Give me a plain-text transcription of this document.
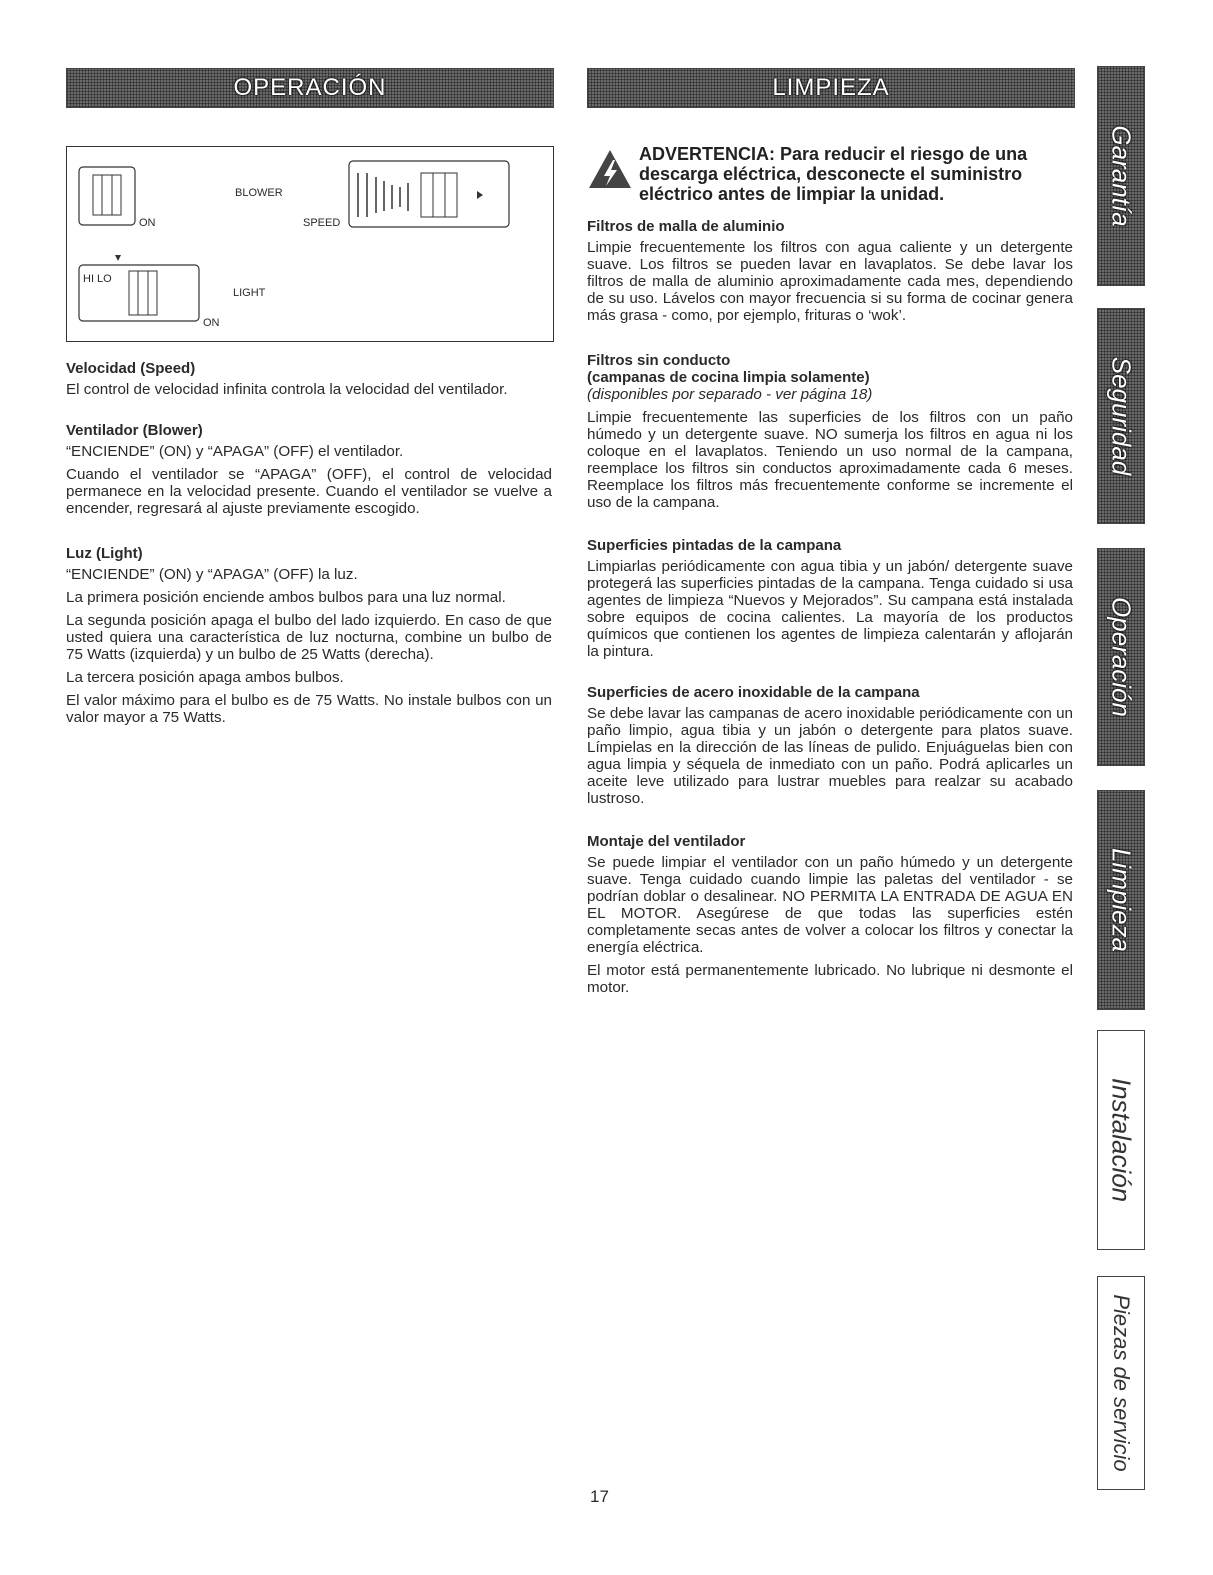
OPERACIÓN	LIMPIEZA
BLOWER
ON	SPEED
HI LO
LIGHT
ON
Velocidad (Speed)

El control de velocidad infinita controla la velocidad del ventilador.

Ventilador (Blower)

“ENCIENDE” (ON) y “APAGA” (OFF) el ventilador.

Cuando el ventilador se “APAGA” (OFF), el control de velocidad permanece en la velocidad presente. Cuando el ventilador se vuelve a encender, regresará al ajuste previamente escogido.

Luz (Light)

“ENCIENDE” (ON) y “APAGA” (OFF) la luz.

La primera posición enciende ambos bulbos para una luz normal.

La segunda posición apaga el bulbo del lado izquierdo. En caso de que usted quiera una característica de luz nocturna, combine un bulbo de 75 Watts (izquierda) y un bulbo de 25 Watts (derecha).

La tercera posición apaga ambos bulbos.

El valor máximo para el bulbo es de 75 Watts. No instale bulbos con un valor mayor a 75 Watts.

ADVERTENCIA: Para reducir el riesgo de una descarga eléctrica, desconecte el suministro eléctrico antes de limpiar la unidad.
Filtros de malla de aluminio

Limpie frecuentemente los filtros con agua caliente y un detergente suave. Los filtros se pueden lavar en lavaplatos. Se debe lavar los filtros de malla de aluminio aproximadamente cada mes, dependiendo de su uso. Lávelos con mayor frecuencia si su forma de cocinar genera más grasa - como, por ejemplo, frituras o ‘wok’.

Filtros sin conducto
(campanas de cocina limpia solamente)
(disponibles por separado - ver página 18)

Limpie frecuentemente las superficies de los filtros con un paño húmedo y un detergente suave. NO sumerja los filtros en agua ni los coloque en el lavaplatos. Teniendo un uso normal de la campana, reemplace los filtros sin conductos aproximadamente cada 6 meses. Reemplace los filtros más frecuentemente conforme se incremente el uso de la campana.

Superficies pintadas de la campana

Limpiarlas periódicamente con agua tibia y un jabón/ detergente suave protegerá las superficies pintadas de la campana. Tenga cuidado si usa agentes de limpieza “Nuevos y Mejorados”. Su campana está instalada sobre equipos de cocina calientes. La mayoría de los productos químicos que contienen los agentes de limpieza calentarán y aflojarán la pintura.

Superficies de acero inoxidable de la campana

Se debe lavar las campanas de acero inoxidable periódicamente con un paño limpio, agua tibia y un jabón o detergente para platos suave. Límpielas en la dirección de las líneas de pulido. Enjuáguelas bien con agua limpia y séquela de inmediato con un paño. Podrá aplicarles un aceite leve utilizado para lustrar muebles para realzar su acabado lustroso.

Montaje del ventilador

Se puede limpiar el ventilador con un paño húmedo y un detergente suave. Tenga cuidado cuando limpie las paletas del ventilador - se podrían doblar o desalinear. NO PERMITA LA ENTRADA DE AGUA EN EL MOTOR. Asegúrese de que todas las superficies estén completamente secas antes de volver a colocar los filtros y conectar la energía eléctrica.

El motor está permanentemente lubricado. No lubrique ni desmonte el motor.

Garantía
Seguridad
Operación
Limpieza
Instalación
Piezas de servicio
17
